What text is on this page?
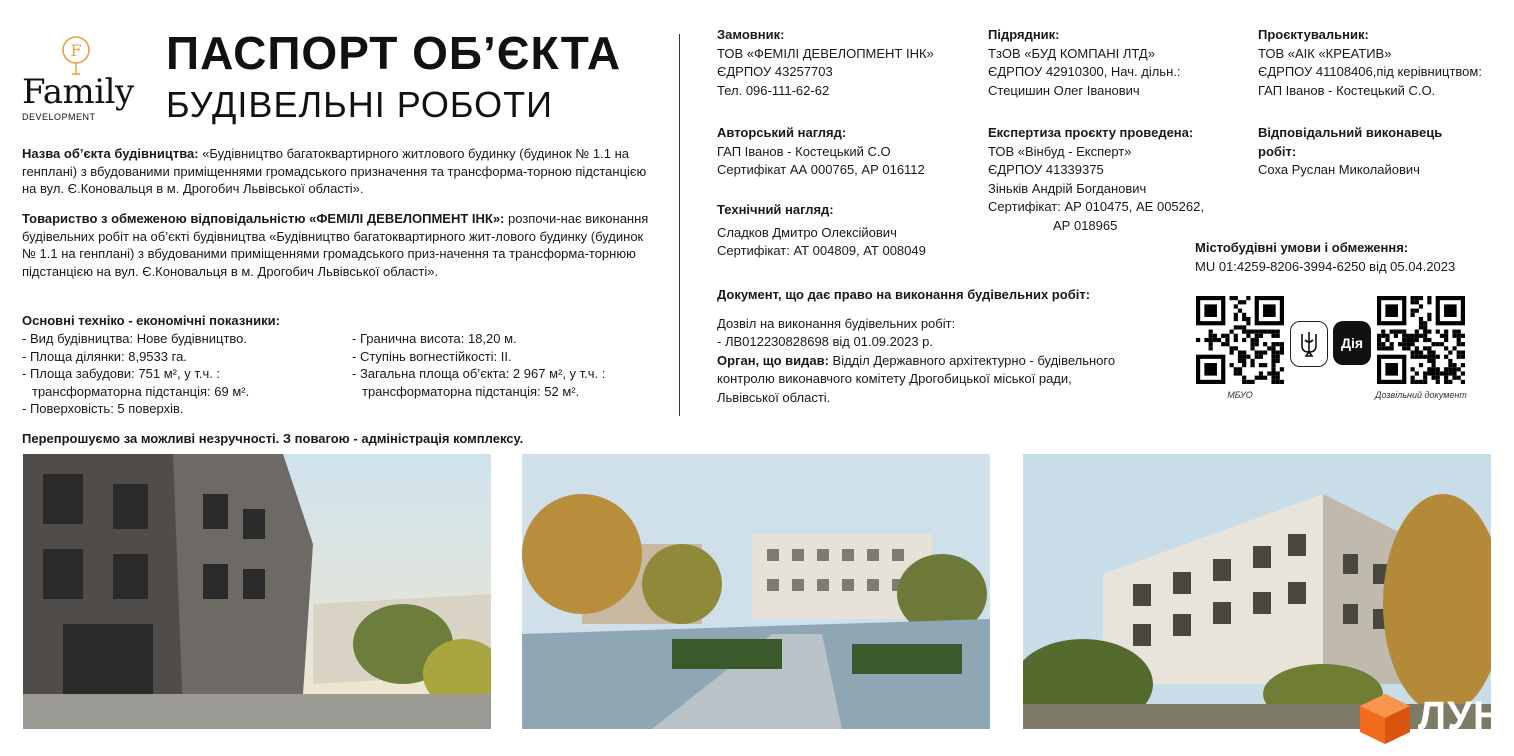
F
Family
DEVELOPMENT
ПАСПОРТ ОБ’ЄКТА
БУДІВЕЛЬНІ РОБОТИ
Назва об’єкта будівництва: «Будівництво багатоквартирного житлового будинку (будинок № 1.1 на генплані) з вбудованими приміщеннями громадського призначення та трансформа-торною підстанцією на вул. Є.Коновальця в м. Дрогобич Львівської області».
Товариство з обмеженою відповідальністю «ФЕМІЛІ ДЕВЕЛОПМЕНТ ІНК»: розпочи-нає виконання будівельних робіт на об’єкті будівництва «Будівництво багатоквартирного жит-лового будинку (будинок № 1.1 на генплані) з вбудованими приміщеннями громадського приз-начення та трансформа-торнюю підстанцією на вул. Є.Коновальця в м. Дрогобич Львівської області».
Основні техніко - економічні показники:
- Вид будівництва: Нове будівництво.
- Площа ділянки: 8,9533 га.
- Площа забудови: 751 м², у т.ч. :
трансформаторна підстанція: 69 м².
- Поверховість: 5 поверхів.
- Гранична висота: 18,20 м.
- Ступінь вогнестійкості: ІІ.
- Загальна площа об’єкта: 2 967 м², у т.ч. :
трансформаторна підстанція: 52 м².
Перепрошуємо за можливі незручності. З повагою - адміністрація комплексу.
Замовник:
ТОВ «ФЕМІЛІ ДЕВЕЛОПМЕНТ ІНК»
ЄДРПОУ 43257703
Тел. 096-111-62-62
Підрядник:
ТзОВ «БУД КОМПАНІ ЛТД»
ЄДРПОУ 42910300, Нач. дільн.:
Стецишин Олег Іванович
Проєктувальник:
ТОВ «АІК «КРЕАТИВ»
ЄДРПОУ 41108406,під керівництвом:
ГАП Іванов - Костецький С.О.
Авторський нагляд:
ГАП Іванов - Костецький С.О
Сертифікат АА 000765, АР 016112
Експертиза проєкту проведена:
ТОВ «Вінбуд - Експерт»
ЄДРПОУ 41339375
Зіньків Андрій Богданович
Сертифікат: АР 010475, АЕ 005262,
АР 018965
Відповідальний виконавець
робіт:
Соха Руслан Миколайович
Технічний нагляд:
Сладков Дмитро Олексійович
Сертифікат: АТ 004809, АТ 008049	Містобудівні умови і обмеження:
MU 01:4259-8206-3994-6250 від 05.04.2023
Документ, що дає право на виконання будівельних робіт:
Дозвіл на виконання будівельних робіт:
- ЛВ012230828698 від 01.09.2023 р.
Орган, що видав: Відділ Державного архітектурно - будівельного
контролю виконавчого комітету Дрогобицької міської ради,
Львівської області.	МБУО
Дія
Дозвільний документ
ЛУН
